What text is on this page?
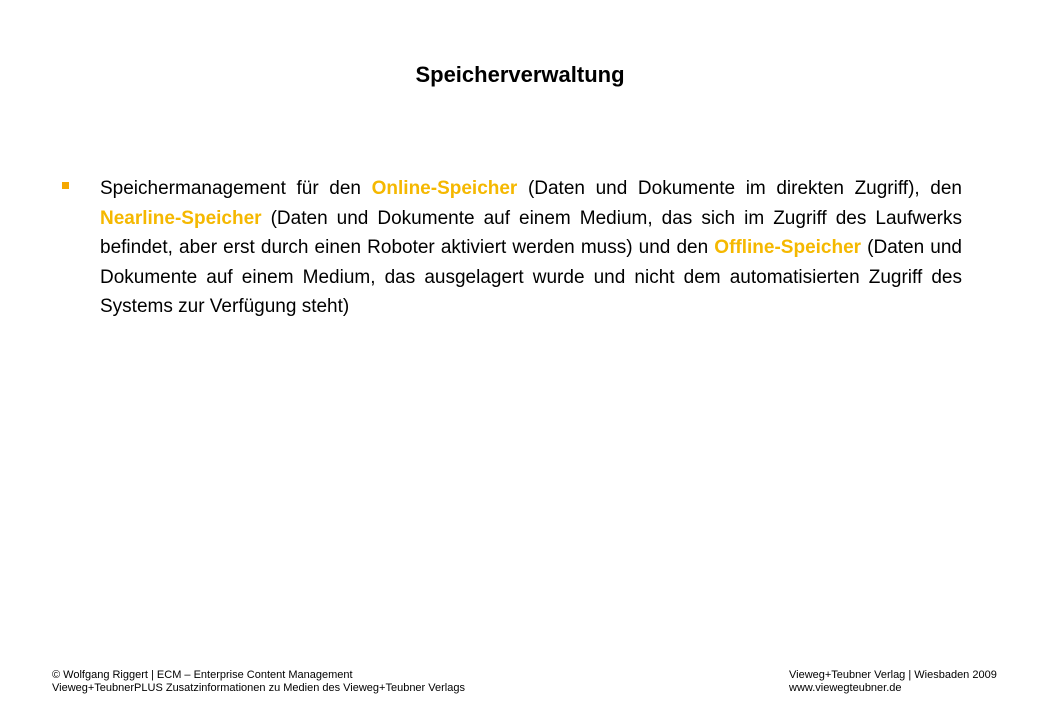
Speicherverwaltung
Speichermanagement für den Online-Speicher (Daten und Dokumente im direkten Zugriff), den Nearline-Speicher (Daten und Dokumente auf einem Medium, das sich im Zugriff des Laufwerks befindet, aber erst durch einen Roboter aktiviert werden muss) und den Offline-Speicher (Daten und Dokumente auf einem Medium, das ausgelagert wurde und nicht dem automatisierten Zugriff des Systems zur Verfügung steht)
© Wolfgang Riggert | ECM – Enterprise Content Management
Vieweg+TeubnerPLUS Zusatzinformationen zu Medien des Vieweg+Teubner Verlags
Vieweg+Teubner Verlag | Wiesbaden 2009
www.viewegteubner.de
